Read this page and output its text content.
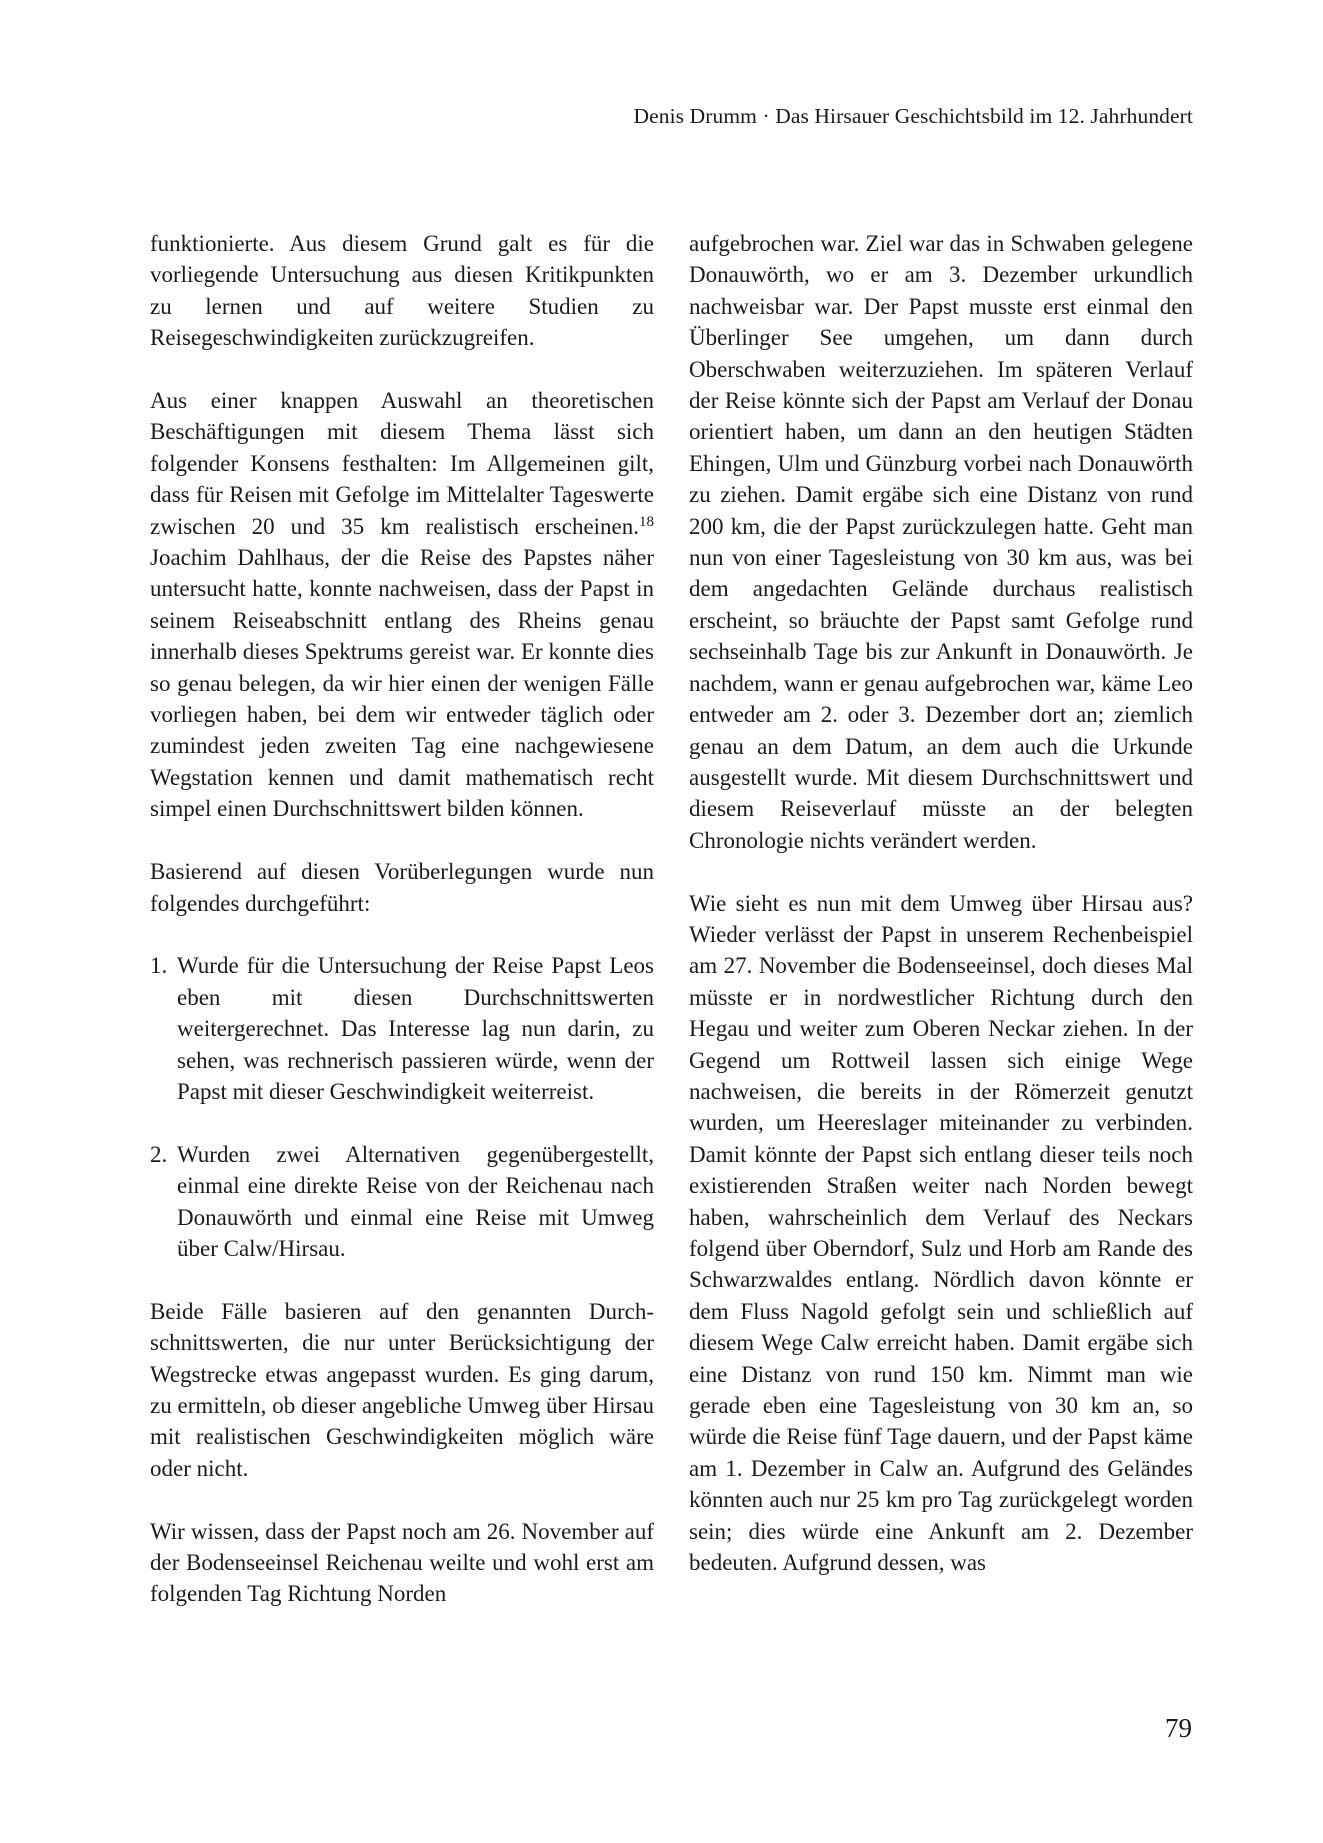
Denis Drumm · Das Hirsauer Geschichtsbild im 12. Jahrhundert

funktionierte. Aus diesem Grund galt es für die vorliegende Untersuchung aus diesen Kritikpunkten zu lernen und auf weitere Studien zu Reisegeschwindigkeiten zurückzugreifen.

Aus einer knappen Auswahl an theoretischen Beschäftigungen mit diesem Thema lässt sich folgender Konsens festhalten: Im Allgemeinen gilt, dass für Reisen mit Gefolge im Mittelalter Tageswerte zwischen 20 und 35 km realistisch erscheinen.$^{18}$ Joachim Dahlhaus, der die Reise des Papstes näher untersucht hatte, konnte nachweisen, dass der Papst in seinem Reiseabschnitt entlang des Rheins genau innerhalb dieses Spektrums gereist war. Er konnte dies so genau belegen, da wir hier einen der wenigen Fälle vorliegen haben, bei dem wir entweder täglich oder zumindest jeden zweiten Tag eine nachgewiesene Wegstation kennen und damit mathematisch recht simpel einen Durchschnittswert bilden können.

Basierend auf diesen Vorüberlegungen wurde nun folgendes durchgeführt:

1. Wurde für die Untersuchung der Reise Papst Leos eben mit diesen Durchschnittswerten weitergerechnet. Das Interesse lag nun darin, zu sehen, was rechnerisch passieren würde, wenn der Papst mit dieser Geschwindigkeit weiterreist.
2. Wurden zwei Alternativen gegenübergestellt, einmal eine direkte Reise von der Reichenau nach Donauwörth und einmal eine Reise mit Umweg über Calw/Hirsau.

Beide Fälle basieren auf den genannten Durchschnittswerten, die nur unter Berücksichtigung der Wegstrecke etwas angepasst wurden. Es ging darum, zu ermitteln, ob dieser angebliche Umweg über Hirsau mit realistischen Geschwindigkeiten möglich wäre oder nicht.

Wir wissen, dass der Papst noch am 26. November auf der Bodenseeinsel Reichenau weilte und wohl erst am folgenden Tag Richtung Norden

aufgebrochen war. Ziel war das in Schwaben gelegene Donauwörth, wo er am 3. Dezember urkundlich nachweisbar war. Der Papst musste erst einmal den Überlinger See umgehen, um dann durch Oberschwaben weiterzuziehen. Im späteren Verlauf der Reise könnte sich der Papst am Verlauf der Donau orientiert haben, um dann an den heutigen Städten Ehingen, Ulm und Günzburg vorbei nach Donauwörth zu ziehen. Damit ergäbe sich eine Distanz von rund 200 km, die der Papst zurückzulegen hatte. Geht man nun von einer Tagesleistung von 30 km aus, was bei dem angedachten Gelände durchaus realistisch erscheint, so bräuchte der Papst samt Gefolge rund sechseinhalb Tage bis zur Ankunft in Donauwörth. Je nachdem, wann er genau aufgebrochen war, käme Leo entweder am 2. oder 3. Dezember dort an; ziemlich genau an dem Datum, an dem auch die Urkunde ausgestellt wurde. Mit diesem Durchschnittswert und diesem Reiseverlauf müsste an der belegten Chronologie nichts verändert werden.

Wie sieht es nun mit dem Umweg über Hirsau aus? Wieder verlässt der Papst in unserem Rechenbeispiel am 27. November die Bodenseeinsel, doch dieses Mal müsste er in nordwestlicher Richtung durch den Hegau und weiter zum Oberen Neckar ziehen. In der Gegend um Rottweil lassen sich einige Wege nachweisen, die bereits in der Römerzeit genutzt wurden, um Heereslager miteinander zu verbinden. Damit könnte der Papst sich entlang dieser teils noch existierenden Straßen weiter nach Norden bewegt haben, wahrscheinlich dem Verlauf des Neckars folgend über Oberndorf, Sulz und Horb am Rande des Schwarzwaldes entlang. Nördlich davon könnte er dem Fluss Nagold gefolgt sein und schließlich auf diesem Wege Calw erreicht haben. Damit ergäbe sich eine Distanz von rund 150 km. Nimmt man wie gerade eben eine Tagesleistung von 30 km an, so würde die Reise fünf Tage dauern, und der Papst käme am 1. Dezember in Calw an. Aufgrund des Geländes könnten auch nur 25 km pro Tag zurückgelegt worden sein; dies würde eine Ankunft am 2. Dezember bedeuten. Aufgrund dessen, was

79
